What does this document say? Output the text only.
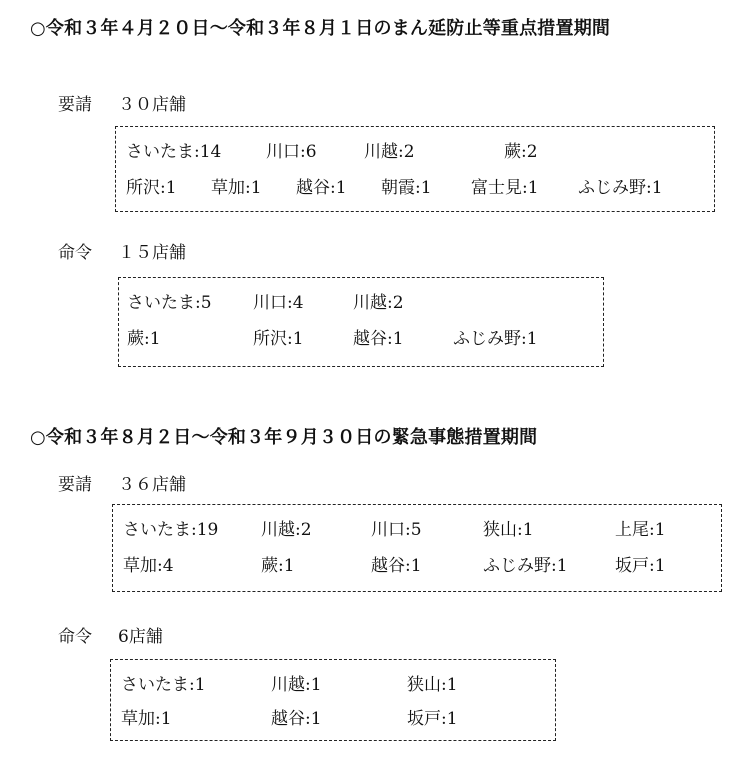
○令和３年４月２０日～令和３年８月１日のまん延防止等重点措置期間
要請 ３０店舗
さいたま:14	川口:6	川越:2	蕨:2
所沢:1 草加:1 越谷:1 朝霞:1 富士見:1 ふじみ野:1
命令 １５店舗
さいたま:5 川口:4	川越:2
蕨:1	所沢:1	越谷:1	ふじみ野:1
○令和３年８月２日～令和３年９月３０日の緊急事態措置期間
要請 ３６店舗
さいたま:19	川越:2	川口:5	狭山:1	上尾:1
草加:4	蕨:1	越谷:1	ふじみ野:1	坂戸:1
命令 6店舗
さいたま:1	川越:1	狭山:1
草加:1	越谷:1	坂戸:1
